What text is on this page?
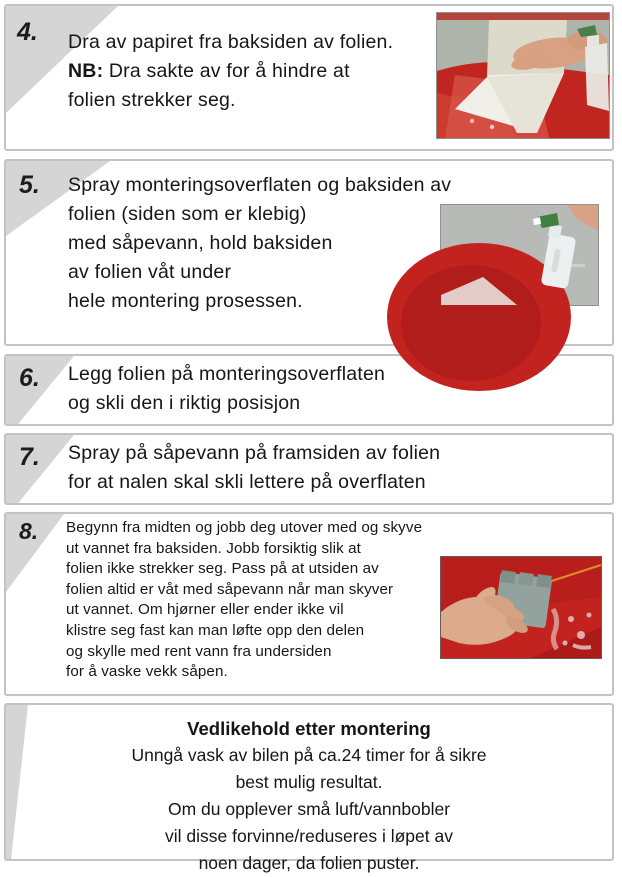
4. Dra av papiret fra baksiden av folien.
NB: Dra sakte av for å hindre at
folien strekker seg.
5. Spray monteringsoverflaten og baksiden av
folien (siden som er klebig)
med såpevann, hold baksiden
av folien våt under
hele montering prosessen.
6. Legg folien på monteringsoverflaten
og skli den i riktig posisjon
7. Spray på såpevann på framsiden av folien
for at nalen skal skli lettere på overflaten
8. Begynn fra midten og jobb deg utover med og skyve
ut vannet fra baksiden. Jobb forsiktig slik at
folien ikke strekker seg. Pass på at utsiden av
folien altid er våt med såpevann når man skyver
ut vannet. Om hjørner eller ender ikke vil
klistre seg fast kan man løfte opp den delen
og skylle med rent vann fra undersiden
for å vaske vekk såpen.
Vedlikehold etter montering
Unngå vask av bilen på ca.24 timer for å sikre
best mulig resultat.
Om du opplever små luft/vannbobler
vil disse forvinne/reduseres i løpet av
noen dager, da folien puster.
